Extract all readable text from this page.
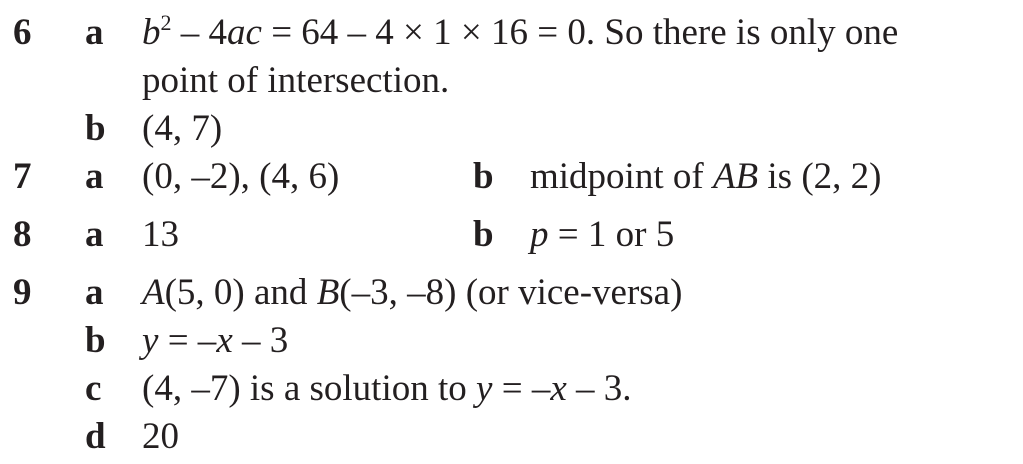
6 a $b^2 - 4ac = 64 - 4 \times 1 \times 16 = 0$. So there is only one
point of intersection.
b (4, 7)
7 a (0, –2), (4, 6)	b midpoint of AB is (2, 2)
8 a 13	b p = 1 or 5
9 a A(5, 0) and B(–3, –8) (or vice-versa)
b y = –x – 3
c (4, –7) is a solution to y = –x – 3.
d 20
